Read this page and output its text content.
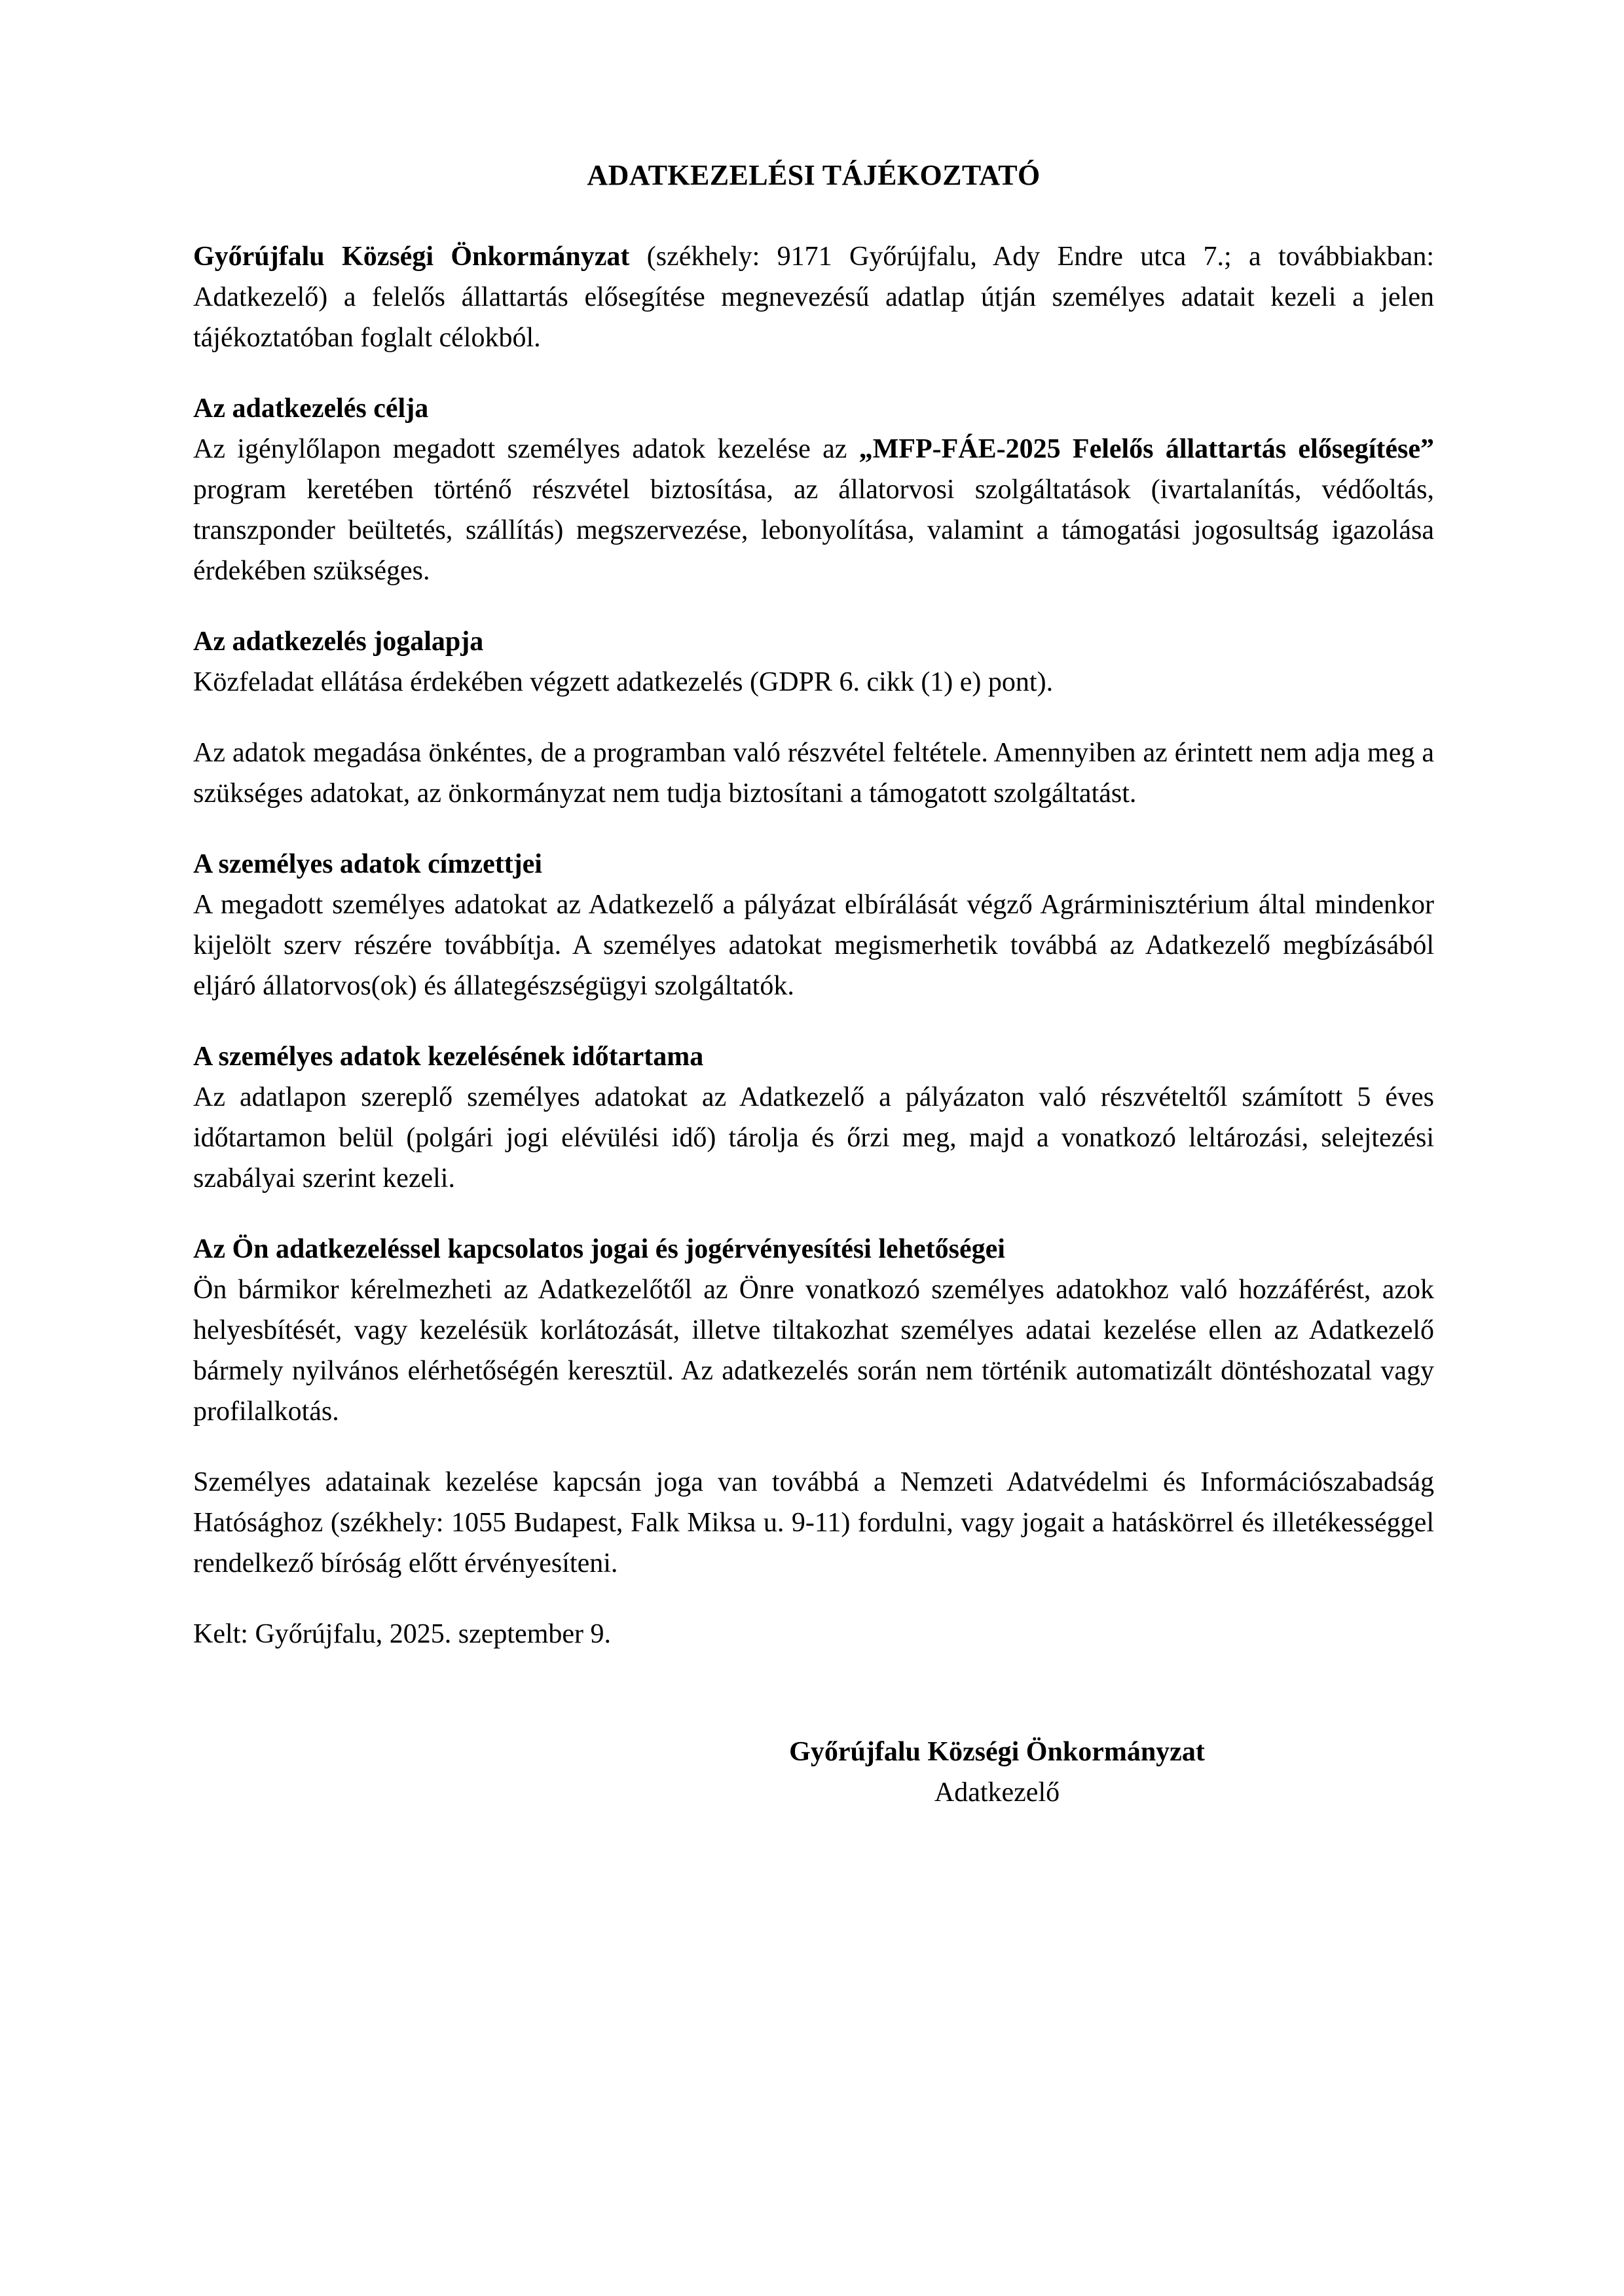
ADATKEZELÉSI TÁJÉKOZTATÓ

Győrújfalu Községi Önkormányzat (székhely: 9171 Győrújfalu, Ady Endre utca 7.; a továbbiakban: Adatkezelő) a felelős állattartás elősegítése megnevezésű adatlap útján személyes adatait kezeli a jelen tájékoztatóban foglalt célokból.

Az adatkezelés célja

Az igénylőlapon megadott személyes adatok kezelése az „MFP-FÁE-2025 Felelős állattartás elősegítése” program keretében történő részvétel biztosítása, az állatorvosi szolgáltatások (ivartalanítás, védőoltás, transzponder beültetés, szállítás) megszervezése, lebonyolítása, valamint a támogatási jogosultság igazolása érdekében szükséges.

Az adatkezelés jogalapja

Közfeladat ellátása érdekében végzett adatkezelés (GDPR 6. cikk (1) e) pont).

Az adatok megadása önkéntes, de a programban való részvétel feltétele. Amennyiben az érintett nem adja meg a szükséges adatokat, az önkormányzat nem tudja biztosítani a támogatott szolgáltatást.

A személyes adatok címzettjei

A megadott személyes adatokat az Adatkezelő a pályázat elbírálását végző Agrárminisztérium által mindenkor kijelölt szerv részére továbbítja. A személyes adatokat megismerhetik továbbá az Adatkezelő megbízásából eljáró állatorvos(ok) és állategészségügyi szolgáltatók.

A személyes adatok kezelésének időtartama

Az adatlapon szereplő személyes adatokat az Adatkezelő a pályázaton való részvételtől számított 5 éves időtartamon belül (polgári jogi elévülési idő) tárolja és őrzi meg, majd a vonatkozó leltározási, selejtezési szabályai szerint kezeli.

Az Ön adatkezeléssel kapcsolatos jogai és jogérvényesítési lehetőségei

Ön bármikor kérelmezheti az Adatkezelőtől az Önre vonatkozó személyes adatokhoz való hozzáférést, azok helyesbítését, vagy kezelésük korlátozását, illetve tiltakozhat személyes adatai kezelése ellen az Adatkezelő bármely nyilvános elérhetőségén keresztül. Az adatkezelés során nem történik automatizált döntéshozatal vagy profilalkotás.

Személyes adatainak kezelése kapcsán joga van továbbá a Nemzeti Adatvédelmi és Információszabadság Hatósághoz (székhely: 1055 Budapest, Falk Miksa u. 9-11) fordulni, vagy jogait a hatáskörrel és illetékességgel rendelkező bíróság előtt érvényesíteni.

Kelt: Győrújfalu, 2025. szeptember 9.

Győrújfalu Községi Önkormányzat
Adatkezelő
